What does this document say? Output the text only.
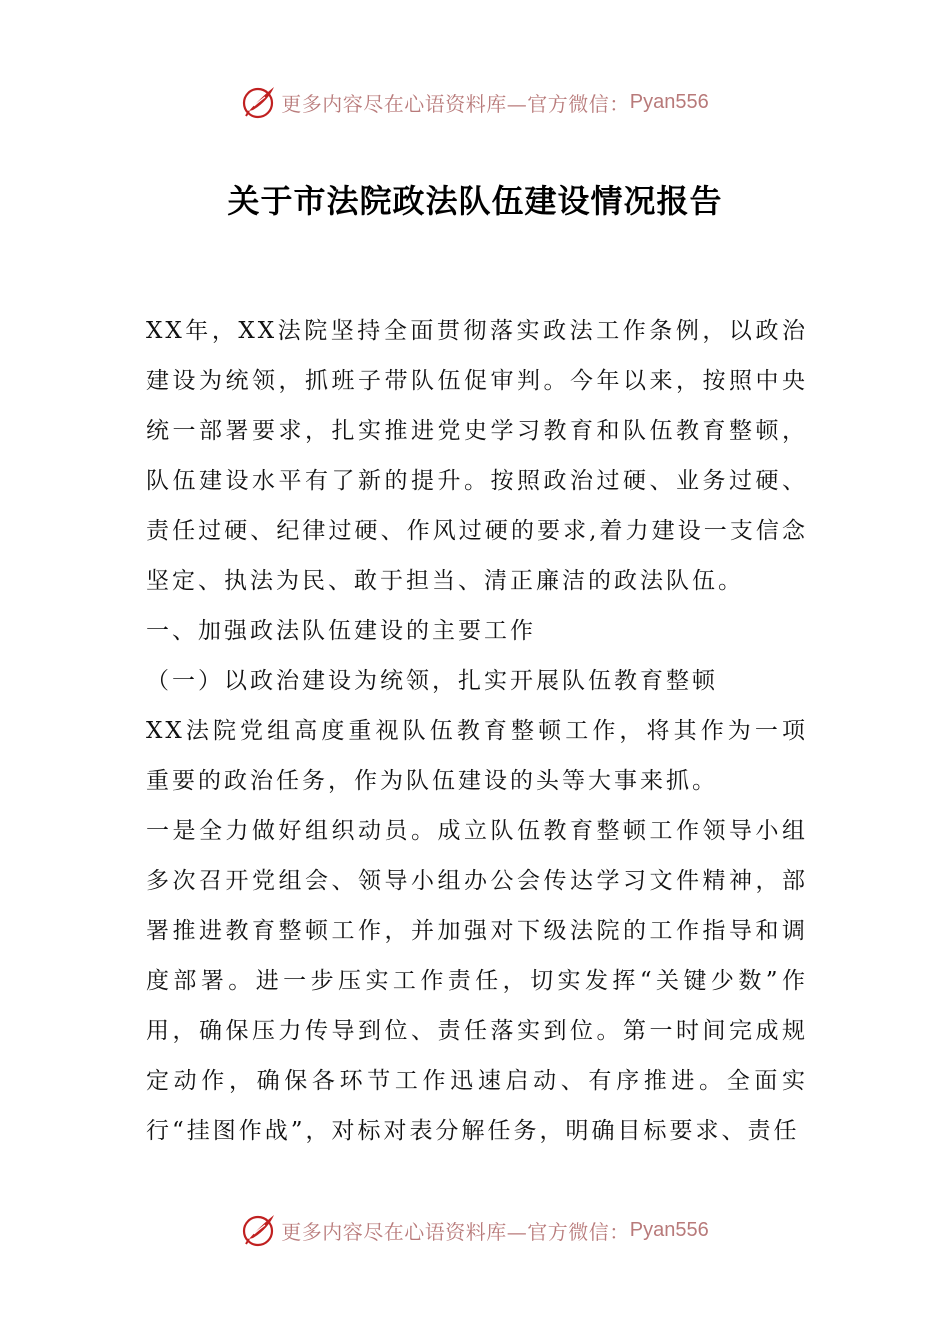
更多内容尽在心语资料库—官方微信： Pyan556
关于市法院政法队伍建设情况报告

XX年，XX法院坚持全面贯彻落实政法工作条例，以政治建设为统领，抓班子带队伍促审判。今年以来，按照中央统一部署要求，扎实推进党史学习教育和队伍教育整顿，队伍建设水平有了新的提升。按照政治过硬、业务过硬、责任过硬、纪律过硬、作风过硬的要求,着力建设一支信念坚定、执法为民、敢于担当、清正廉洁的政法队伍。

一、加强政法队伍建设的主要工作

（一）以政治建设为统领，扎实开展队伍教育整顿

XX法院党组高度重视队伍教育整顿工作，将其作为一项重要的政治任务，作为队伍建设的头等大事来抓。

一是全力做好组织动员。成立队伍教育整顿工作领导小组多次召开党组会、领导小组办公会传达学习文件精神，部署推进教育整顿工作，并加强对下级法院的工作指导和调度部署。进一步压实工作责任，切实发挥“关键少数”作用，确保压力传导到位、责任落实到位。第一时间完成规定动作，确保各环节工作迅速启动、有序推进。全面实行“挂图作战”，对标对表分解任务，明确目标要求、责任

更多内容尽在心语资料库—官方微信： Pyan556
